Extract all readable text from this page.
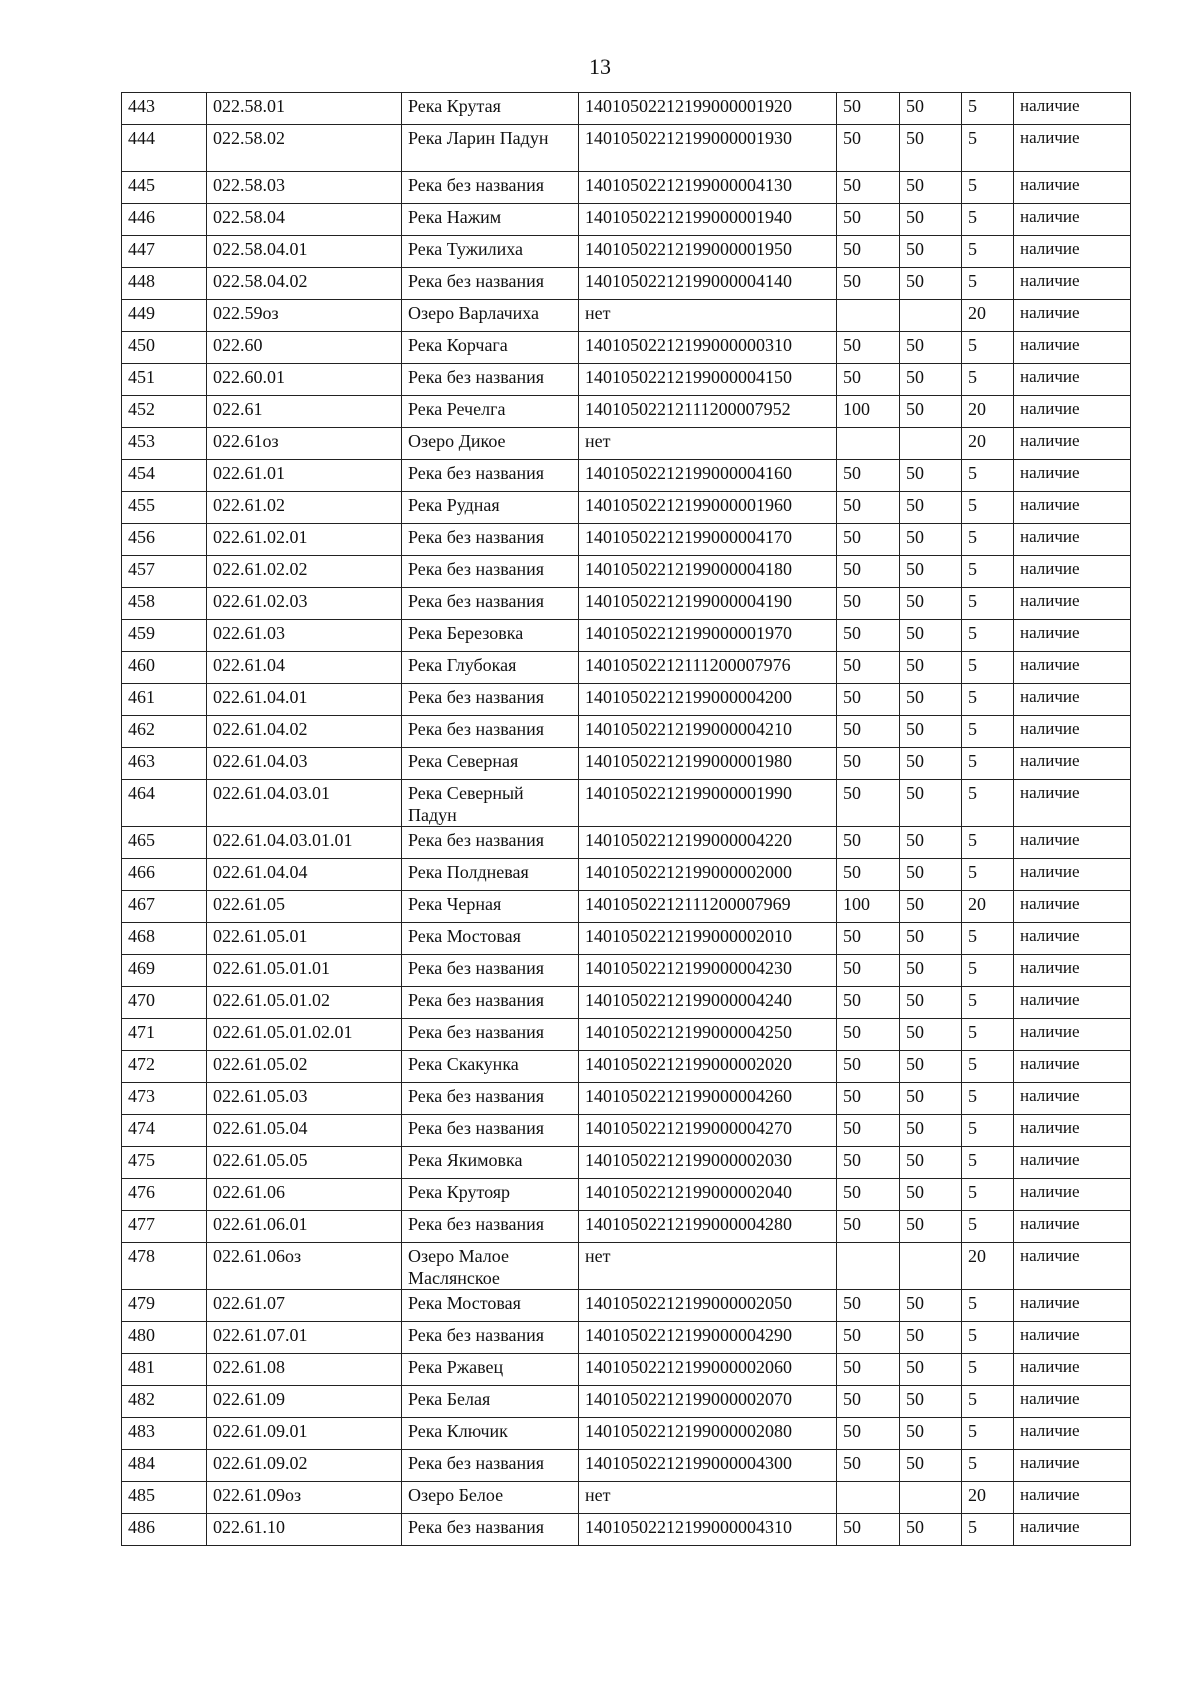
13
443	022.58.01	Река Крутая	14010502212199000001920	50	50	5	наличие
444	022.58.02	Река Ларин Падун	14010502212199000001930	50	50	5	наличие
445	022.58.03	Река без названия	14010502212199000004130	50	50	5	наличие
446	022.58.04	Река Нажим	14010502212199000001940	50	50	5	наличие
447	022.58.04.01	Река Тужилиха	14010502212199000001950	50	50	5	наличие
448	022.58.04.02	Река без названия	14010502212199000004140	50	50	5	наличие
449	022.59оз	Озеро Варлачиха	нет			20	наличие
450	022.60	Река Корчага	14010502212199000000310	50	50	5	наличие
451	022.60.01	Река без названия	14010502212199000004150	50	50	5	наличие
452	022.61	Река Речелга	14010502212111200007952	100	50	20	наличие
453	022.61оз	Озеро Дикое	нет			20	наличие
454	022.61.01	Река без названия	14010502212199000004160	50	50	5	наличие
455	022.61.02	Река Рудная	14010502212199000001960	50	50	5	наличие
456	022.61.02.01	Река без названия	14010502212199000004170	50	50	5	наличие
457	022.61.02.02	Река без названия	14010502212199000004180	50	50	5	наличие
458	022.61.02.03	Река без названия	14010502212199000004190	50	50	5	наличие
459	022.61.03	Река Березовка	14010502212199000001970	50	50	5	наличие
460	022.61.04	Река Глубокая	14010502212111200007976	50	50	5	наличие
461	022.61.04.01	Река без названия	14010502212199000004200	50	50	5	наличие
462	022.61.04.02	Река без названия	14010502212199000004210	50	50	5	наличие
463	022.61.04.03	Река Северная	14010502212199000001980	50	50	5	наличие
464	022.61.04.03.01	Река Северный Падун	14010502212199000001990	50	50	5	наличие
465	022.61.04.03.01.01	Река без названия	14010502212199000004220	50	50	5	наличие
466	022.61.04.04	Река Полдневая	14010502212199000002000	50	50	5	наличие
467	022.61.05	Река Черная	14010502212111200007969	100	50	20	наличие
468	022.61.05.01	Река Мостовая	14010502212199000002010	50	50	5	наличие
469	022.61.05.01.01	Река без названия	14010502212199000004230	50	50	5	наличие
470	022.61.05.01.02	Река без названия	14010502212199000004240	50	50	5	наличие
471	022.61.05.01.02.01	Река без названия	14010502212199000004250	50	50	5	наличие
472	022.61.05.02	Река Скакунка	14010502212199000002020	50	50	5	наличие
473	022.61.05.03	Река без названия	14010502212199000004260	50	50	5	наличие
474	022.61.05.04	Река без названия	14010502212199000004270	50	50	5	наличие
475	022.61.05.05	Река Якимовка	14010502212199000002030	50	50	5	наличие
476	022.61.06	Река Крутояр	14010502212199000002040	50	50	5	наличие
477	022.61.06.01	Река без названия	14010502212199000004280	50	50	5	наличие
478	022.61.06оз	Озеро Малое Маслянское	нет			20	наличие
479	022.61.07	Река Мостовая	14010502212199000002050	50	50	5	наличие
480	022.61.07.01	Река без названия	14010502212199000004290	50	50	5	наличие
481	022.61.08	Река Ржавец	14010502212199000002060	50	50	5	наличие
482	022.61.09	Река Белая	14010502212199000002070	50	50	5	наличие
483	022.61.09.01	Река Ключик	14010502212199000002080	50	50	5	наличие
484	022.61.09.02	Река без названия	14010502212199000004300	50	50	5	наличие
485	022.61.09оз	Озеро Белое	нет			20	наличие
486	022.61.10	Река без названия	14010502212199000004310	50	50	5	наличие
